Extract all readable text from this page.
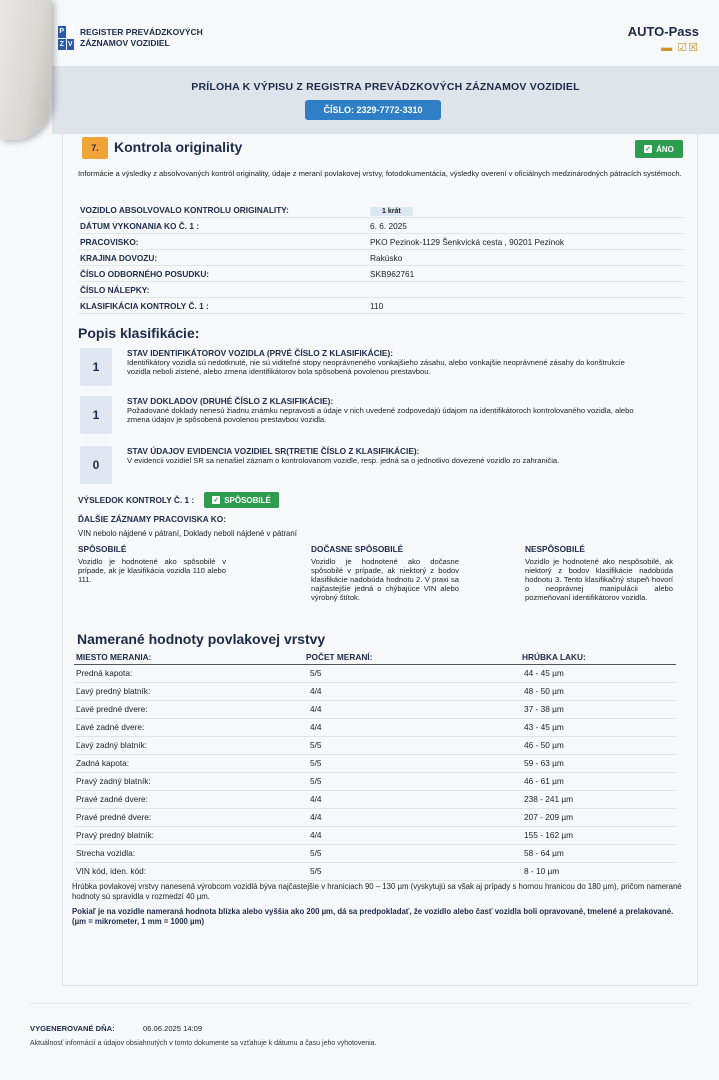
P
Z V
REGISTER PREVÁDZKOVÝCH
ZÁZNAMOV VOZIDIEL
AUTO-Pass
▬ ☑☒
PRÍLOHA K VÝPISU Z REGISTRA PREVÁDZKOVÝCH ZÁZNAMOV VOZIDIEL
ČÍSLO: 2329-7772-3310
7.	Kontrola originality	✓ ÁNO
Informácie a výsledky z absolvovaných kontról originality, údaje z meraní povlakovej vrstvy, fotodokumentácia, výsledky overení v oficiálnych medzinárodných pátracích systémoch.
VOZIDLO ABSOLVOVALO KONTROLU ORIGINALITY:	1 krát
DÁTUM VYKONANIA KO Č. 1 :	6. 6. 2025
PRACOVISKO:	PKO Pezinok-1129 Šenkvická cesta , 90201 Pezinok
KRAJINA DOVOZU:	Rakúsko
ČÍSLO ODBORNÉHO POSUDKU:	SKB962761
ČÍSLO NÁLEPKY:
KLASIFIKÁCIA KONTROLY Č. 1 :	110
Popis klasifikácie:
1
STAV IDENTIFIKÁTOROV VOZIDLA (PRVÉ ČÍSLO Z KLASIFIKÁCIE):
Identifikátory vozidla sú nedotknuté, nie sú viditeľné stopy neoprávneného vonkajšieho zásahu, alebo vonkajšie neoprávnené zásahy do konštrukcie vozidla neboli zistené, alebo zmena identifikátorov bola spôsobená povolenou prestavbou.
1
STAV DOKLADOV (DRUHÉ ČÍSLO Z KLASIFIKÁCIE):
Požadované doklady nenesú žiadnu známku nepravosti a údaje v nich uvedené zodpovedajú údajom na identifikátoroch kontrolovaného vozidla, alebo zmena údajov je spôsobená povolenou prestavbou vozidla.
0
STAV ÚDAJOV EVIDENCIA VOZIDIEL SR(TRETIE ČÍSLO Z KLASIFIKÁCIE):
V evidencii vozidiel SR sa nenašiel záznam o kontrolovanom vozidle, resp. jedná sa o jednotlivo dovezené vozidlo zo zahraničia.
VÝSLEDOK KONTROLY Č. 1 :	✓ SPÔSOBILÉ
ĎALŠIE ZÁZNAMY PRACOVISKA KO:
VIN nebolo nájdené v pátraní, Doklady neboli nájdené v pátraní
SPÔSOBILÉ
Vozidlo je hodnotené ako spôsobilé v prípade, ak je klasifikácia vozidla 110 alebo 111.
DOČASNE SPÔSOBILÉ
Vozidlo je hodnotené ako dočasne spôsobilé v prípade, ak niektorý z bodov klasifikácie nadobúda hodnotu 2. V praxi sa najčastejšie jedná o chýbajúce VIN alebo výrobný štítok.
NESPÔSOBILÉ
Vozidlo je hodnotené ako nespôsobilé, ak niektorý z bodov klasifikácie nadobúda hodnotu 3. Tento klasifikačný stupeň hovorí o neoprávnej manipulácii alebo pozmeňovaní identifikátorov vozidla.
Namerané hodnoty povlakovej vrstvy
MIESTO MERANIA:	POČET MERANÍ:	HRÚBKA LAKU:
Predná kapota:	5/5	44 - 45 µm
Ľavý predný blatník:	4/4	48 - 50 µm
Ľavé predné dvere:	4/4	37 - 38 µm
Ľavé zadné dvere:	4/4	43 - 45 µm
Ľavý zadný blatník:	5/5	46 - 50 µm
Zadná kapota:	5/5	59 - 63 µm
Pravý zadný blatník:	5/5	46 - 61 µm
Pravé zadné dvere:	4/4	238 - 241 µm
Pravé predné dvere:	4/4	207 - 209 µm
Pravý predný blatník:	4/4	155 - 162 µm
Strecha vozidla:	5/5	58 - 64 µm
VIN kód, iden. kód:	5/5	8 - 10 µm
Hrúbka povlakovej vrstvy nanesená výrobcom vozidlá býva najčastejšie v hraniciach 90 – 130 µm (vyskytujú sa však aj prípady s hornou hranicou do 180 µm), pričom namerané hodnoty sú spravidla v rozmedzí 40 µm.
Pokiaľ je na vozidle nameraná hodnota blízka alebo vyššia ako 200 µm, dá sa predpokladať, že vozidlo alebo časť vozidla boli opravované, tmelené a prelakované. (µm = mikrometer, 1 mm = 1000 µm)
VYGENEROVANÉ DŇA:	06.06.2025 14:09
Aktuálnosť informácií a údajov obsiahnutých v tomto dokumente sa vzťahuje k dátumu a času jeho vyhotovenia.
